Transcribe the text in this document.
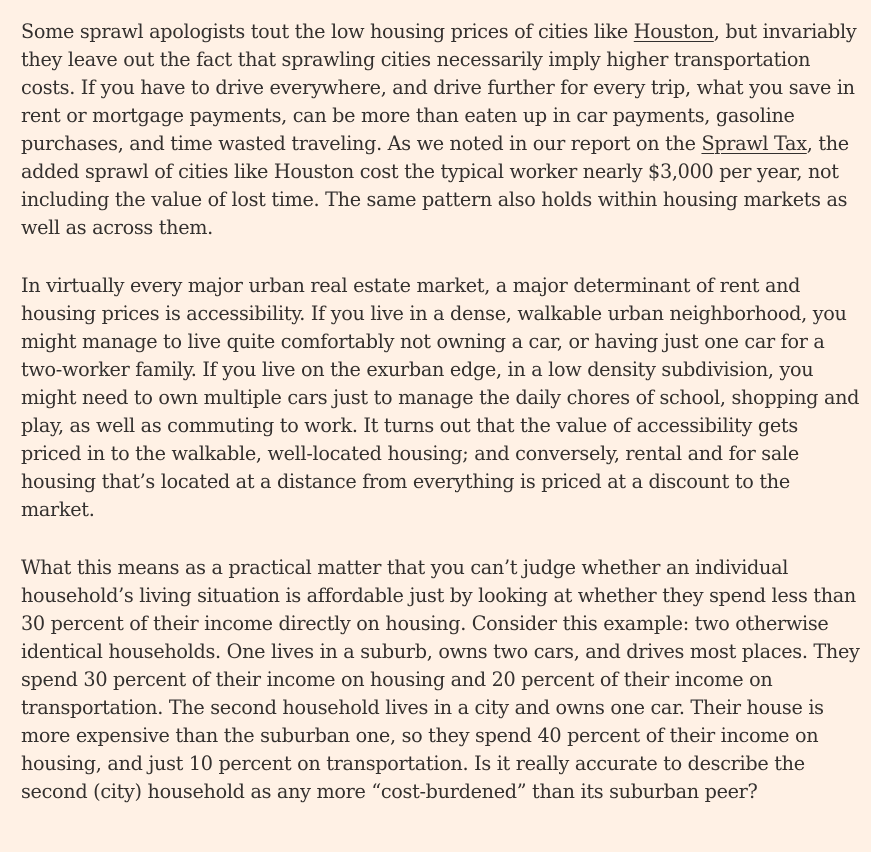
Some sprawl apologists tout the low housing prices of cities like Houston, but invariably they leave out the fact that sprawling cities necessarily imply higher transportation costs. If you have to drive everywhere, and drive further for every trip, what you save in rent or mortgage payments, can be more than eaten up in car payments, gasoline purchases, and time wasted traveling. As we noted in our report on the Sprawl Tax, the added sprawl of cities like Houston cost the typical worker nearly $3,000 per year, not including the value of lost time. The same pattern also holds within housing markets as well as across them.

In virtually every major urban real estate market, a major determinant of rent and housing prices is accessibility. If you live in a dense, walkable urban neighborhood, you might manage to live quite comfortably not owning a car, or having just one car for a two-worker family. If you live on the exurban edge, in a low density subdivision, you might need to own multiple cars just to manage the daily chores of school, shopping and play, as well as commuting to work. It turns out that the value of accessibility gets priced in to the walkable, well-located housing; and conversely, rental and for sale housing that’s located at a distance from everything is priced at a discount to the market.

What this means as a practical matter that you can’t judge whether an individual household’s living situation is affordable just by looking at whether they spend less than 30 percent of their income directly on housing. Consider this example: two otherwise identical households. One lives in a suburb, owns two cars, and drives most places. They spend 30 percent of their income on housing and 20 percent of their income on transportation. The second household lives in a city and owns one car. Their house is more expensive than the suburban one, so they spend 40 percent of their income on housing, and just 10 percent on transportation. Is it really accurate to describe the second (city) household as any more “cost-burdened” than its suburban peer?
